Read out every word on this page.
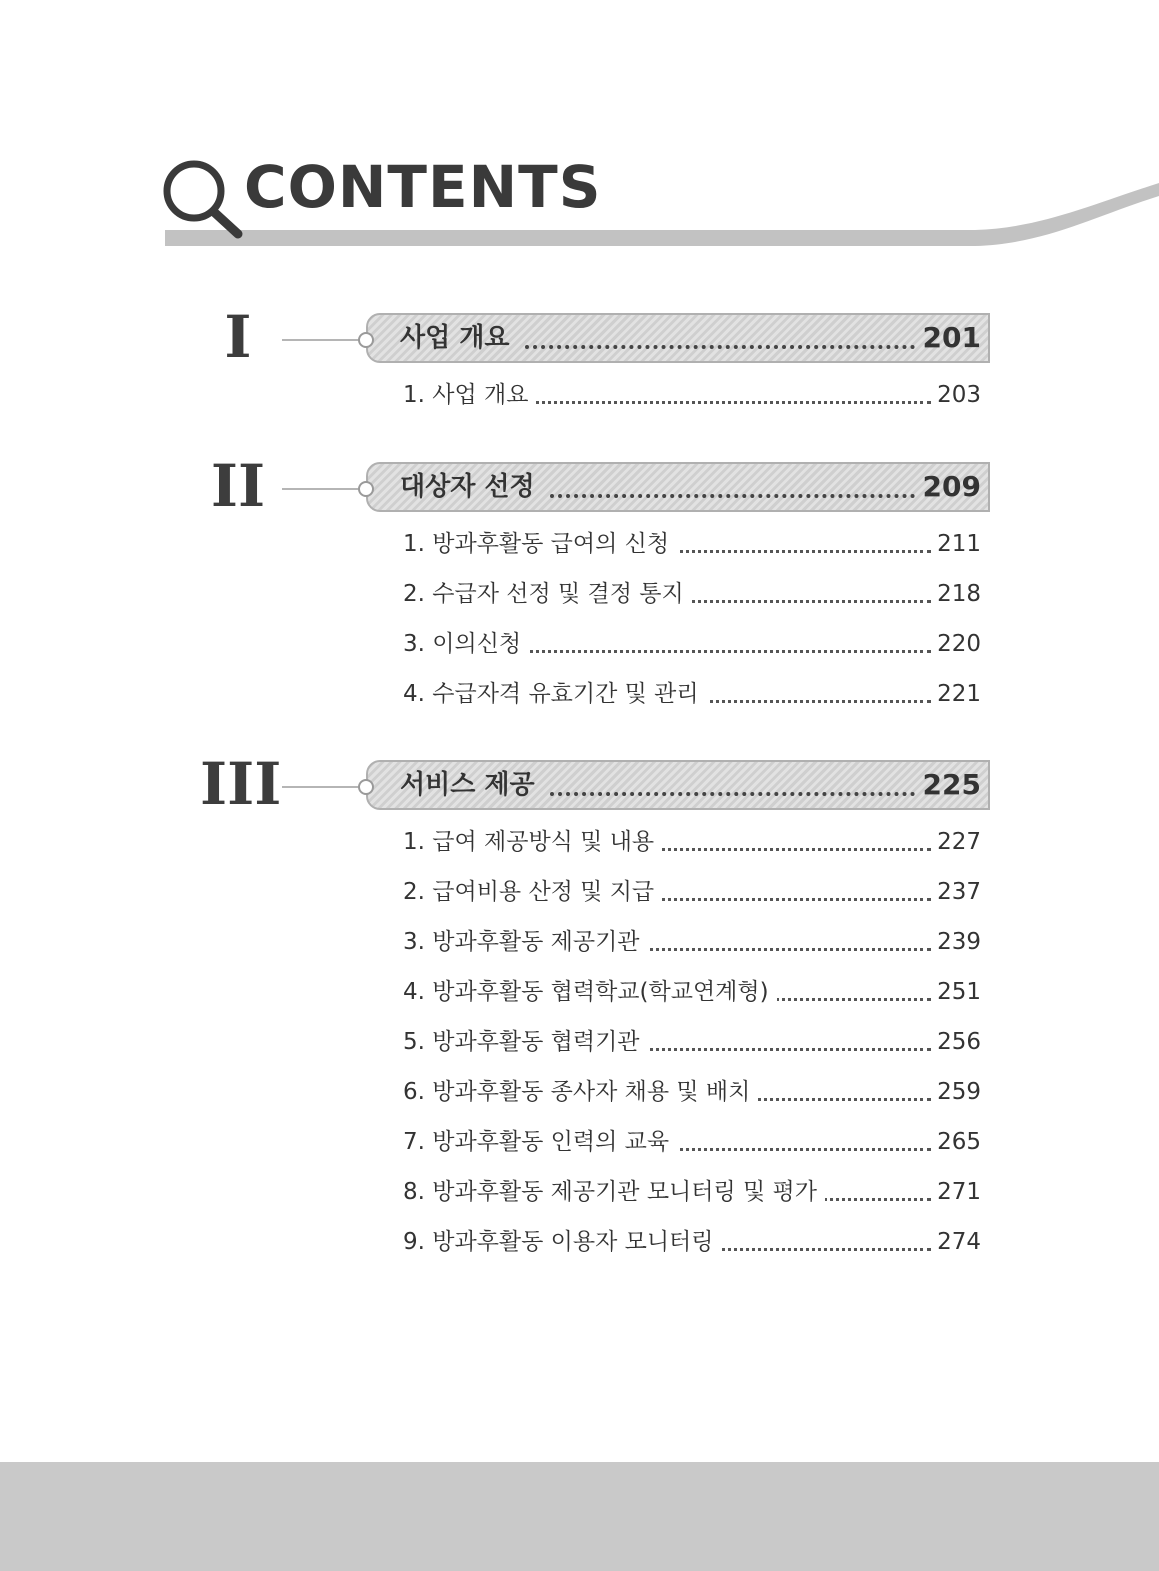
CONTENTS
I	사업 개요	201
1. 사업 개요	203
II	대상자 선정	209
1. 방과후활동 급여의 신청	211
2. 수급자 선정 및 결정 통지	218
3. 이의신청	220
4. 수급자격 유효기간 및 관리	221
III	서비스 제공	225
1. 급여 제공방식 및 내용	227
2. 급여비용 산정 및 지급	237
3. 방과후활동 제공기관	239
4. 방과후활동 협력학교(학교연계형)	251
5. 방과후활동 협력기관	256
6. 방과후활동 종사자 채용 및 배치	259
7. 방과후활동 인력의 교육	265
8. 방과후활동 제공기관 모니터링 및 평가	271
9. 방과후활동 이용자 모니터링	274
